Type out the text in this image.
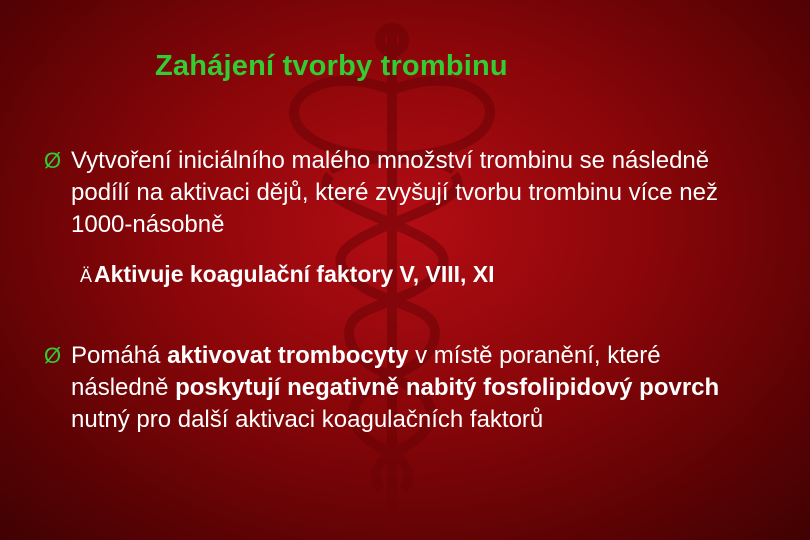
Zahájení tvorby trombinu
Ø Vytvoření iniciálního malého množství trombinu se následně podílí na aktivaci dějů, které zvyšují tvorbu trombinu více než 1000-násobně
ÄAktivuje koagulační faktory V, VIII, XI
Ø Pomáhá aktivovat trombocyty v místě poranění, které následně poskytují negativně nabitý fosfolipidový povrch nutný pro další aktivaci koagulačních faktorů
